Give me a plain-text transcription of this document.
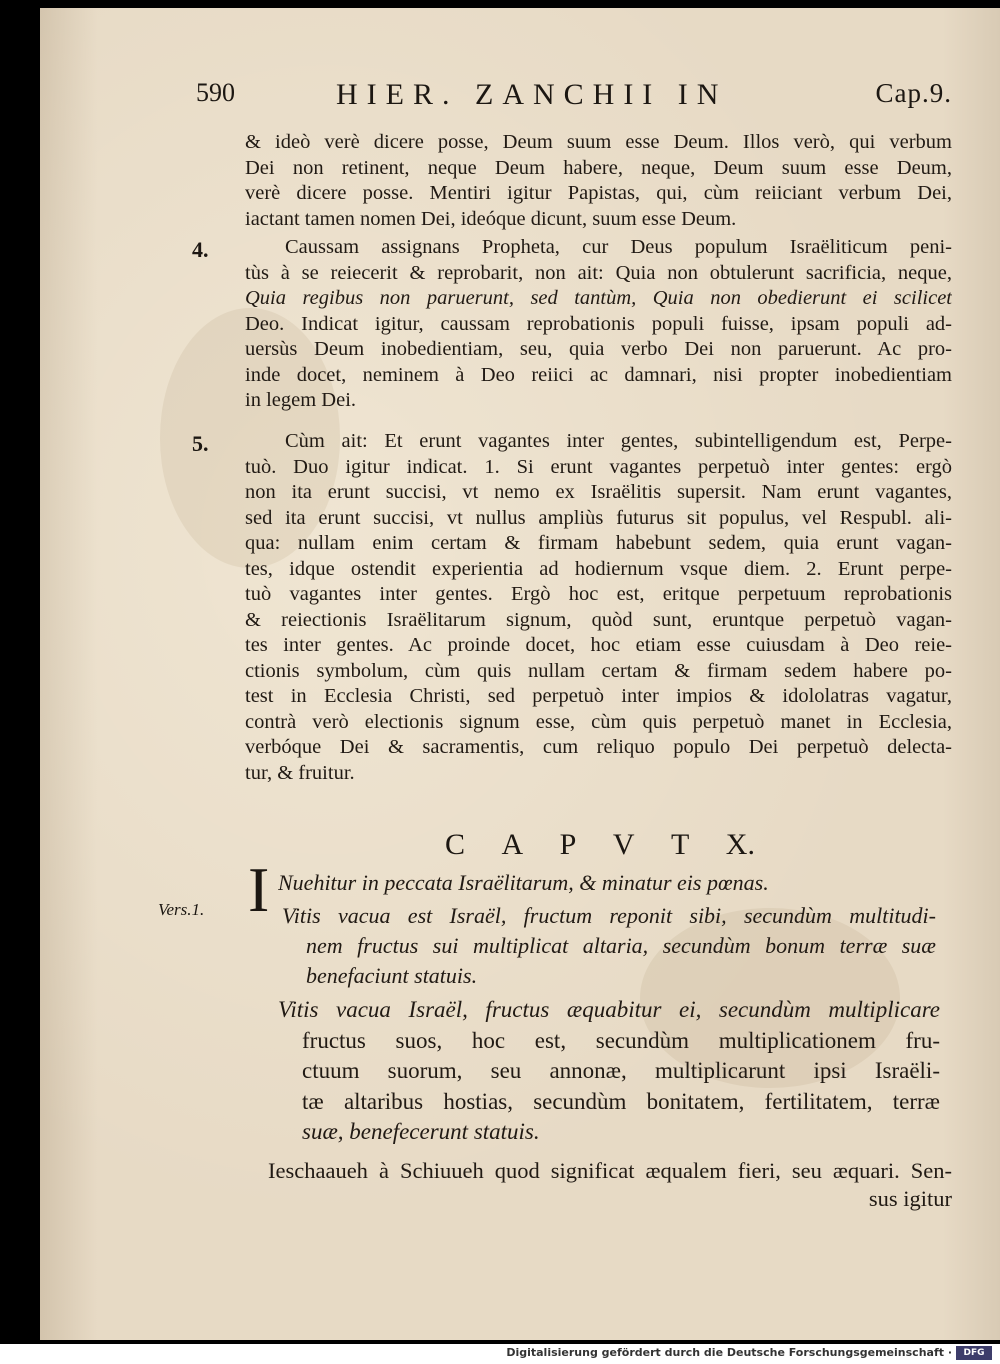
590	HIER. ZANCHII IN	Cap.9.
& ideò verè dicere posse, Deum suum esse Deum. Illos verò, qui verbum
Dei non retinent, neque Deum habere, neque, Deum suum esse Deum,
verè dicere posse. Mentiri igitur Papistas, qui, cùm reiiciant verbum Dei,
iactant tamen nomen Dei, ideóque dicunt, suum esse Deum.
4.	Caussam assignans Propheta, cur Deus populum Israëliticum peni-
tùs à se reiecerit & reprobarit, non ait: Quia non obtulerunt sacrificia, neque,
Quia regibus non paruerunt, sed tantùm, Quia non obedierunt ei scilicet
Deo. Indicat igitur, caussam reprobationis populi fuisse, ipsam populi ad-
uersùs Deum inobedientiam, seu, quia verbo Dei non paruerunt. Ac pro-
inde docet, neminem à Deo reiici ac damnari, nisi propter inobedientiam
in legem Dei.
5.	Cùm ait: Et erunt vagantes inter gentes, subintelligendum est, Perpe-
tuò. Duo igitur indicat. 1. Si erunt vagantes perpetuò inter gentes: ergò
non ita erunt succisi, vt nemo ex Israëlitis supersit. Nam erunt vagantes,
sed ita erunt succisi, vt nullus ampliùs futurus sit populus, vel Respubl. ali-
qua: nullam enim certam & firmam habebunt sedem, quia erunt vagan-
tes, idque ostendit experientia ad hodiernum vsque diem. 2. Erunt perpe-
tuò vagantes inter gentes. Ergò hoc est, eritque perpetuum reprobationis
& reiectionis Israëlitarum signum, quòd sunt, eruntque perpetuò vagan-
tes inter gentes. Ac proinde docet, hoc etiam esse cuiusdam à Deo reie-
ctionis symbolum, cùm quis nullam certam & firmam sedem habere po-
test in Ecclesia Christi, sed perpetuò inter impios & idololatras vagatur,
contrà verò electionis signum esse, cùm quis perpetuò manet in Ecclesia,
verbóque Dei & sacramentis, cum reliquo populo Dei perpetuò delecta-
tur, & fruitur.
C A P V T X.
I Nuehitur in peccata Israëlitarum, & minatur eis pœnas.
Vers.1.	Vitis vacua est Israël, fructum reponit sibi, secundùm multitudi-
nem fructus sui multiplicat altaria, secundùm bonum terræ suæ
benefaciunt statuis.
Vitis vacua Israël, fructus æquabitur ei, secundùm multiplicare
fructus suos, hoc est, secundùm multiplicationem fru-
ctuum suorum, seu annonæ, multiplicarunt ipsi Israëli-
tæ altaribus hostias, secundùm bonitatem, fertilitatem, terræ
suæ, benefecerunt statuis.
Ieschaaueh à Schiuueh quod significat æqualem fieri, seu æquari. Sen-
sus igitur
Digitalisierung gefördert durch die Deutsche Forschungsgemeinschaft ·	DFG
